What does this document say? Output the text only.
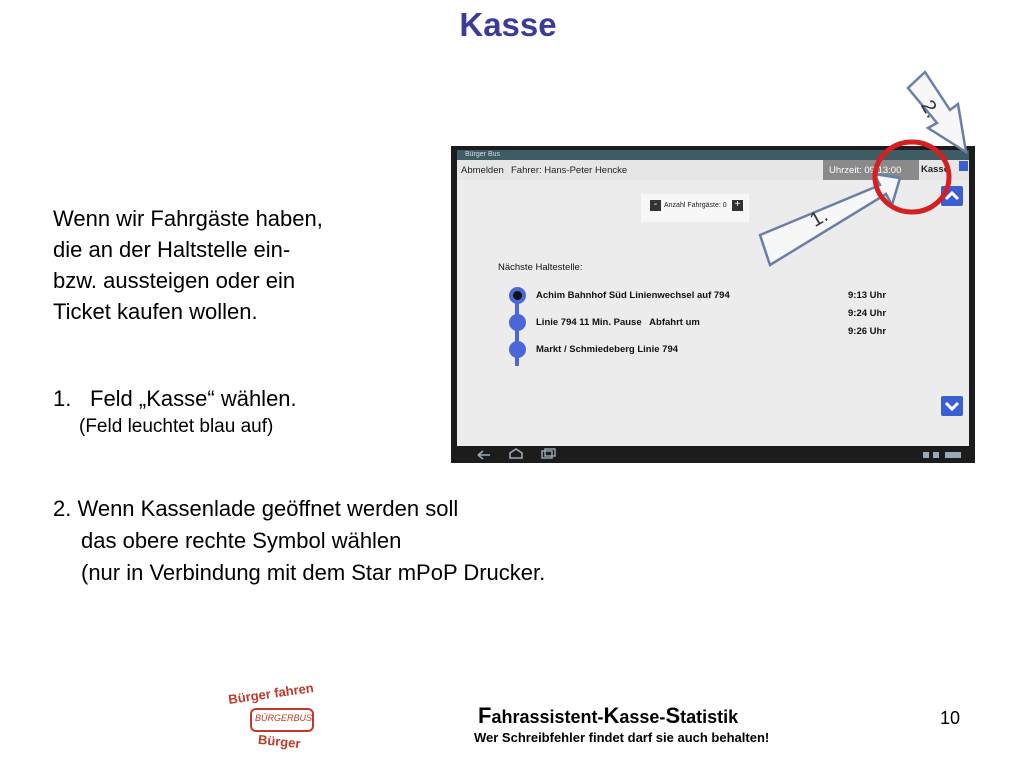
Kasse
Wenn wir Fahrgäste haben,
die an der Haltstelle ein-
bzw. aussteigen oder ein
Ticket kaufen wollen.
1. Feld „Kasse“ wählen.
(Feld leuchtet blau auf)
2. Wenn Kassenlade geöffnet werden soll
das obere rechte Symbol wählen
(nur in Verbindung mit dem Star mPoP Drucker.
Bürger Bus
Abmelden Fahrer: Hans-Peter Hencke	Uhrzeit: 09:13:00 Kasse
- Anzahl Fahrgäste: 0 +
Nächste Haltestelle:
Achim Bahnhof Süd Linienwechsel auf 794
Linie 794 11 Min. Pause   Abfahrt um
Markt / Schmiedeberg Linie 794
9:13 Uhr
9:24 Uhr
9:26 Uhr
1.
2.
Bürger fahren
BÜRGERBUS
Bürger
Fahrassistent-Kasse-Statistik
Wer Schreibfehler findet darf sie auch behalten!
10
